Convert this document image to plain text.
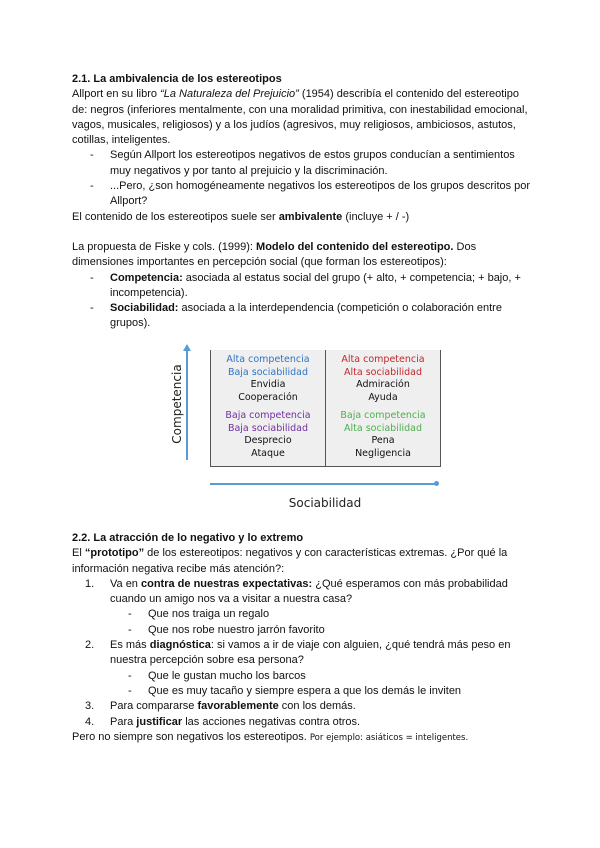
2.1. La ambivalencia de los estereotipos

Allport en su libro “La Naturaleza del Prejuicio” (1954) describía el contenido del estereotipo de: negros (inferiores mentalmente, con una moralidad primitiva, con inestabilidad emocional, vagos, musicales, religiosos) y a los judíos (agresivos, muy religiosos, ambiciosos, astutos, cotillas, inteligentes.

- Según Allport los estereotipos negativos de estos grupos conducían a sentimientos muy negativos y por tanto al prejuicio y la discriminación.
- ...Pero, ¿son homogéneamente negativos los estereotipos de los grupos descritos por Allport?

El contenido de los estereotipos suele ser ambivalente (incluye + / -)

La propuesta de Fiske y cols. (1999): Modelo del contenido del estereotipo. Dos dimensiones importantes en percepción social (que forman los estereotipos):

- Competencia: asociada al estatus social del grupo (+ alto, + competencia; + bajo, + incompetencia).
- Sociabilidad: asociada a la interdependencia (competición o colaboración entre grupos).
Competencia
Alta competencia
Baja sociabilidad
Envidia
Cooperación
Baja competencia
Baja sociabilidad
Desprecio
Ataque
Alta competencia
Alta sociabilidad
Admiración
Ayuda
Baja competencia
Alta sociabilidad
Pena
Negligencia
Sociabilidad

2.2. La atracción de lo negativo y lo extremo

El “prototipo” de los estereotipos: negativos y con características extremas. ¿Por qué la información negativa recibe más atención?:

1. Va en contra de nuestras expectativas: ¿Qué esperamos con más probabilidad cuando un amigo nos va a visitar a nuestra casa?
- Que nos traiga un regalo
- Que nos robe nuestro jarrón favorito
2. Es más diagnóstica: si vamos a ir de viaje con alguien, ¿qué tendrá más peso en nuestra percepción sobre esa persona?
- Que le gustan mucho los barcos
- Que es muy tacaño y siempre espera a que los demás le inviten
3. Para compararse favorablemente con los demás.
4. Para justificar las acciones negativas contra otros.

Pero no siempre son negativos los estereotipos. Por ejemplo: asiáticos = inteligentes.
